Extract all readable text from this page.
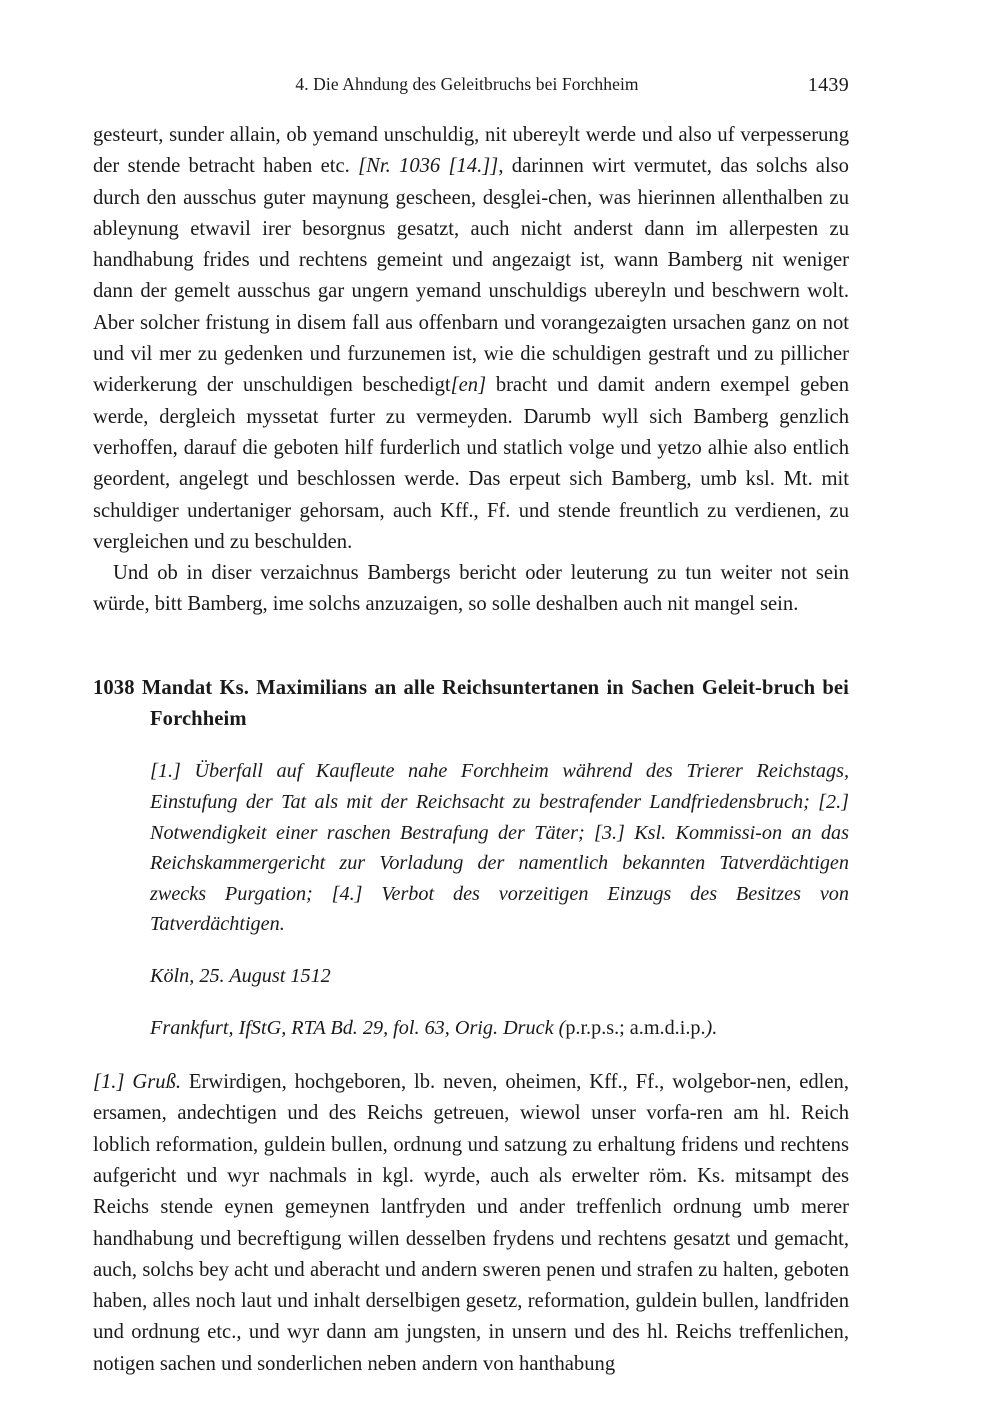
4. Die Ahndung des Geleitbruchs bei Forchheim	1439

gesteurt, sunder allain, ob yemand unschuldig, nit ubereylt werde und also uf verpesserung der stende betracht haben etc. [Nr. 1036 [14.]], darinnen wirt vermutet, das solchs also durch den ausschus guter maynung gescheen, desglei-chen, was hierinnen allenthalben zu ableynung etwavil irer besorgnus gesatzt, auch nicht anderst dann im allerpesten zu handhabung frides und rechtens gemeint und angezaigt ist, wann Bamberg nit weniger dann der gemelt ausschus gar ungern yemand unschuldigs ubereyln und beschwern wolt. Aber solcher fristung in disem fall aus offenbarn und vorangezaigten ursachen ganz on not und vil mer zu gedenken und furzunemen ist, wie die schuldigen gestraft und zu pillicher widerkerung der unschuldigen beschedigt[en] bracht und damit andern exempel geben werde, dergleich myssetat furter zu vermeyden. Darumb wyll sich Bamberg genzlich verhoffen, darauf die geboten hilf furderlich und statlich volge und yetzo alhie also entlich geordent, angelegt und beschlossen werde. Das erpeut sich Bamberg, umb ksl. Mt. mit schuldiger undertaniger gehorsam, auch Kff., Ff. und stende freuntlich zu verdienen, zu vergleichen und zu beschulden.

Und ob in diser verzaichnus Bambergs bericht oder leuterung zu tun weiter not sein würde, bitt Bamberg, ime solchs anzuzaigen, so solle deshalben auch nit mangel sein.

1038 Mandat Ks. Maximilians an alle Reichsuntertanen in Sachen Geleit-bruch bei Forchheim

[1.] Überfall auf Kaufleute nahe Forchheim während des Trierer Reichstags, Einstufung der Tat als mit der Reichsacht zu bestrafender Landfriedensbruch; [2.] Notwendigkeit einer raschen Bestrafung der Täter; [3.] Ksl. Kommissi-on an das Reichskammergericht zur Vorladung der namentlich bekannten Tatverdächtigen zwecks Purgation; [4.] Verbot des vorzeitigen Einzugs des Besitzes von Tatverdächtigen.

Köln, 25. August 1512

Frankfurt, IfStG, RTA Bd. 29, fol. 63, Orig. Druck (p.r.p.s.; a.m.d.i.p.).

[1.] Gruß. Erwirdigen, hochgeboren, lb. neven, oheimen, Kff., Ff., wolgebor-nen, edlen, ersamen, andechtigen und des Reichs getreuen, wiewol unser vorfa-ren am hl. Reich loblich reformation, guldein bullen, ordnung und satzung zu erhaltung fridens und rechtens aufgericht und wyr nachmals in kgl. wyrde, auch als erwelter röm. Ks. mitsampt des Reichs stende eynen gemeynen lantfryden und ander treffenlich ordnung umb merer handhabung und becreftigung willen desselben frydens und rechtens gesatzt und gemacht, auch, solchs bey acht und aberacht und andern sweren penen und strafen zu halten, geboten haben, alles noch laut und inhalt derselbigen gesetz, reformation, guldein bullen, landfriden und ordnung etc., und wyr dann am jungsten, in unsern und des hl. Reichs treffenlichen, notigen sachen und sonderlichen neben andern von hanthabung
